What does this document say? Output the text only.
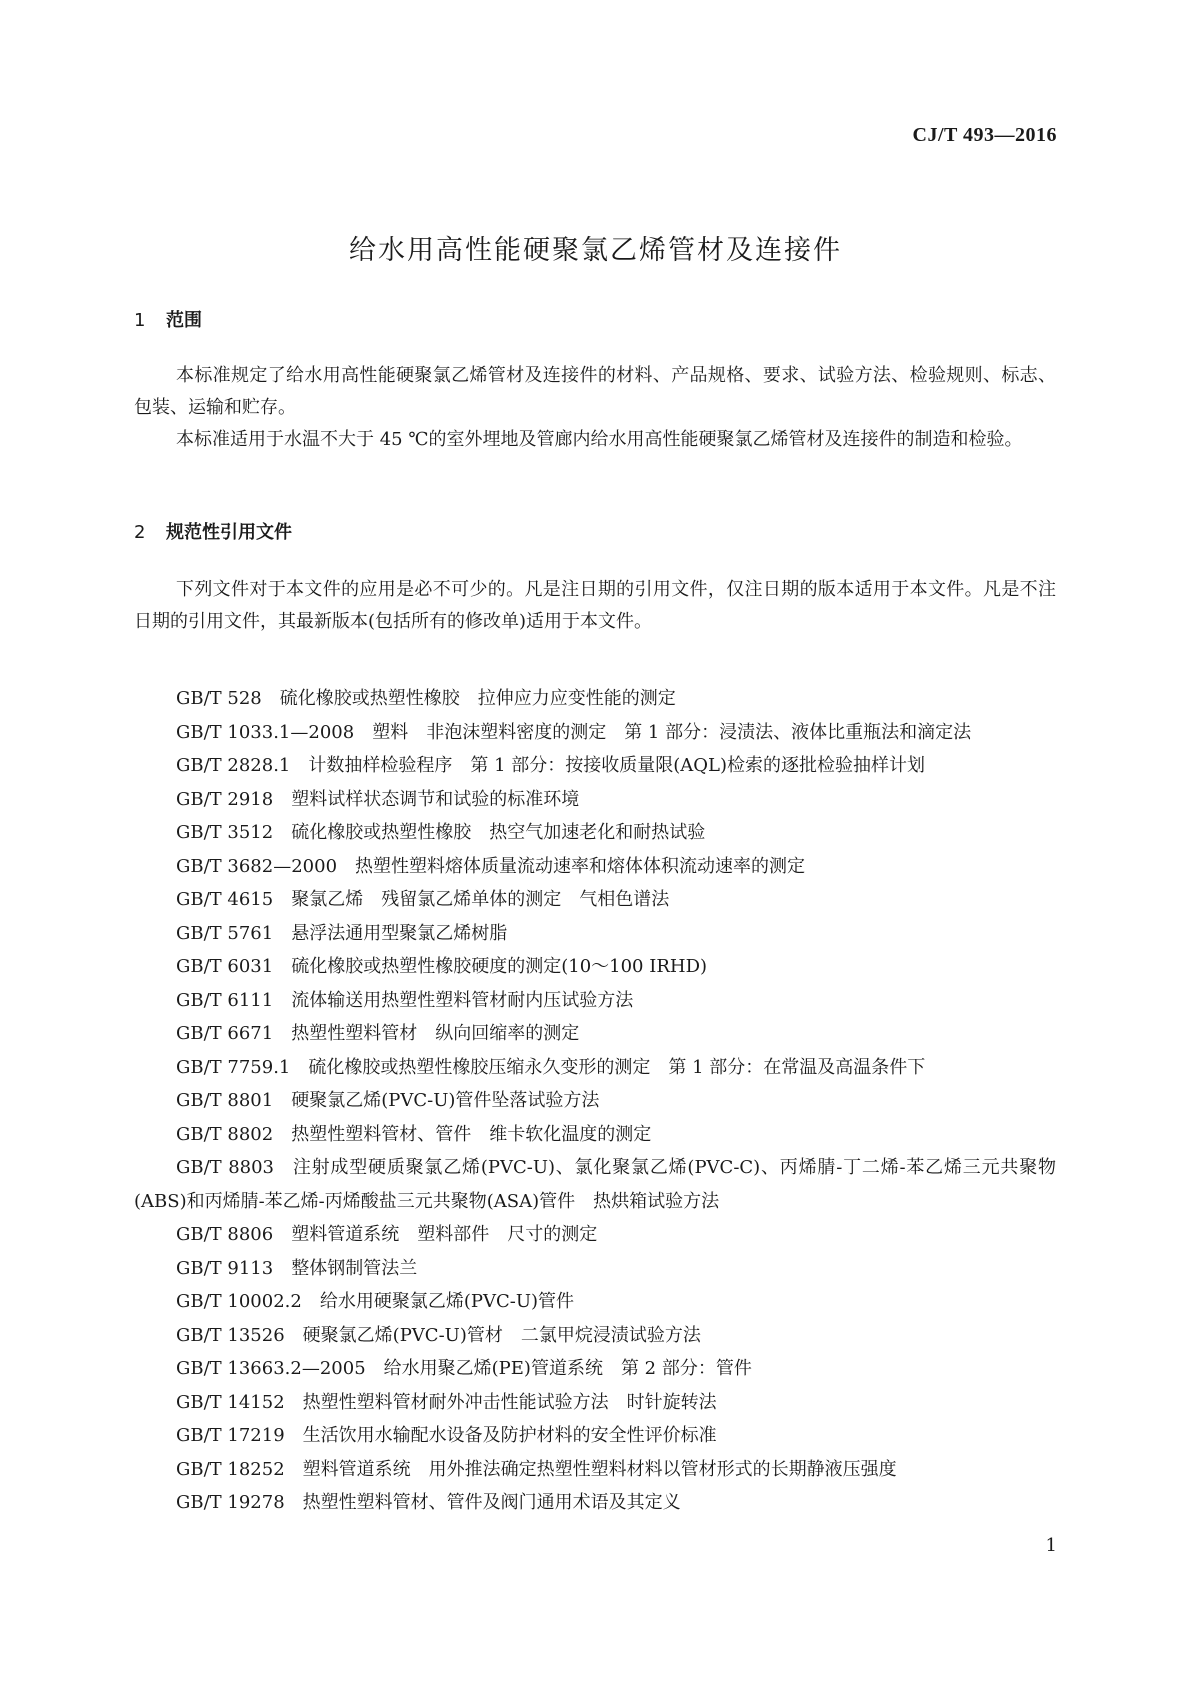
CJ/T 493—2016
给水用高性能硬聚氯乙烯管材及连接件
1 范围

本标准规定了给水用高性能硬聚氯乙烯管材及连接件的材料、产品规格、要求、试验方法、检验规则、标志、包装、运输和贮存。

本标准适用于水温不大于 45 ℃的室外埋地及管廊内给水用高性能硬聚氯乙烯管材及连接件的制造和检验。

2 规范性引用文件

下列文件对于本文件的应用是必不可少的。凡是注日期的引用文件，仅注日期的版本适用于本文件。凡是不注日期的引用文件，其最新版本(包括所有的修改单)适用于本文件。

GB/T 528 硫化橡胶或热塑性橡胶　拉伸应力应变性能的测定
GB/T 1033.1—2008 塑料　非泡沫塑料密度的测定　第 1 部分：浸渍法、液体比重瓶法和滴定法
GB/T 2828.1 计数抽样检验程序　第 1 部分：按接收质量限(AQL)检索的逐批检验抽样计划
GB/T 2918 塑料试样状态调节和试验的标准环境
GB/T 3512 硫化橡胶或热塑性橡胶　热空气加速老化和耐热试验
GB/T 3682—2000 热塑性塑料熔体质量流动速率和熔体体积流动速率的测定
GB/T 4615 聚氯乙烯　残留氯乙烯单体的测定　气相色谱法
GB/T 5761 悬浮法通用型聚氯乙烯树脂
GB/T 6031 硫化橡胶或热塑性橡胶硬度的测定(10～100 IRHD)
GB/T 6111 流体输送用热塑性塑料管材耐内压试验方法
GB/T 6671 热塑性塑料管材　纵向回缩率的测定
GB/T 7759.1 硫化橡胶或热塑性橡胶压缩永久变形的测定　第 1 部分：在常温及高温条件下
GB/T 8801 硬聚氯乙烯(PVC-U)管件坠落试验方法
GB/T 8802 热塑性塑料管材、管件　维卡软化温度的测定
GB/T 8803 注射成型硬质聚氯乙烯(PVC-U)、氯化聚氯乙烯(PVC-C)、丙烯腈-丁二烯-苯乙烯三元共聚物(ABS)和丙烯腈-苯乙烯-丙烯酸盐三元共聚物(ASA)管件　热烘箱试验方法
GB/T 8806 塑料管道系统　塑料部件　尺寸的测定
GB/T 9113 整体钢制管法兰
GB/T 10002.2 给水用硬聚氯乙烯(PVC-U)管件
GB/T 13526 硬聚氯乙烯(PVC-U)管材　二氯甲烷浸渍试验方法
GB/T 13663.2—2005 给水用聚乙烯(PE)管道系统　第 2 部分：管件
GB/T 14152 热塑性塑料管材耐外冲击性能试验方法　时针旋转法
GB/T 17219 生活饮用水输配水设备及防护材料的安全性评价标准
GB/T 18252 塑料管道系统　用外推法确定热塑性塑料材料以管材形式的长期静液压强度
GB/T 19278 热塑性塑料管材、管件及阀门通用术语及其定义
1
